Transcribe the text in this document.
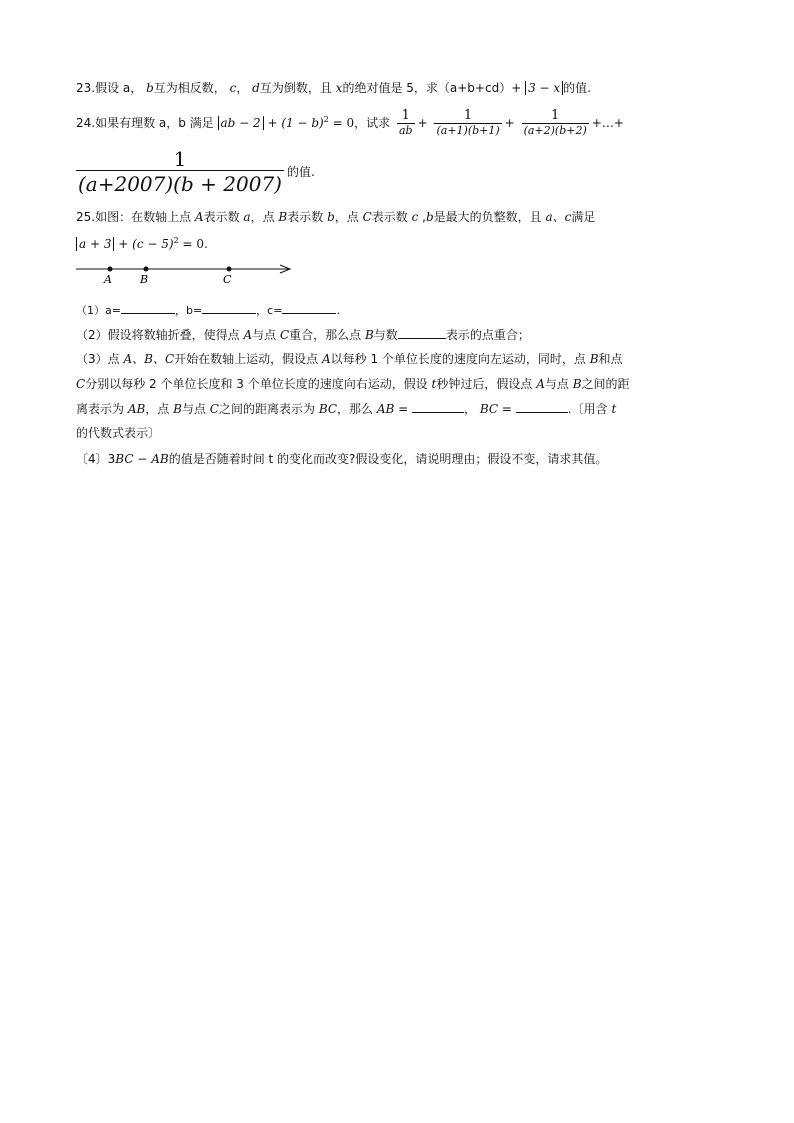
23.假设 a， b互为相反数， c， d互为倒数，且 x的绝对值是 5，求（a+b+cd）+ 3 − x 的值.
24.如果有理数 a，b 满足 ab − $2 + (1 - b)^2 = 0$，试求 $\frac{1}{ab} + \frac{1}{(a+1)(b+1)} + \frac{1}{(a+2)(b+2)}$ +…+
$\frac{1}{(a+2007)(b + 2007)}$ 的值.
25.如图：在数轴上点 A表示数 a，点 B表示数 b，点 C表示数 c ,b是最大的负整数，且 a、c满足
$a + 3 + (c - 5)^2 = 0$.
A	B	C
（1）a=	，b=	，c=	.
（2）假设将数轴折叠，使得点 A与点 C重合，那么点 B与数	表示的点重合；
（3）点 A、B、C开始在数轴上运动，假设点 A以每秒 1 个单位长度的速度向左运动，同时，点 B和点
C分别以每秒 2 个单位长度和 3 个单位长度的速度向右运动，假设 t秒钟过后，假设点 A与点 B之间的距
离表示为 AB，点 B与点 C之间的距离表示为 BC，那么 AB =	， BC =	.〔用含 t
的代数式表示〕
〔4〕3BC − AB的值是否随着时间 t 的变化而改变?假设变化，请说明理由；假设不变，请求其值。
